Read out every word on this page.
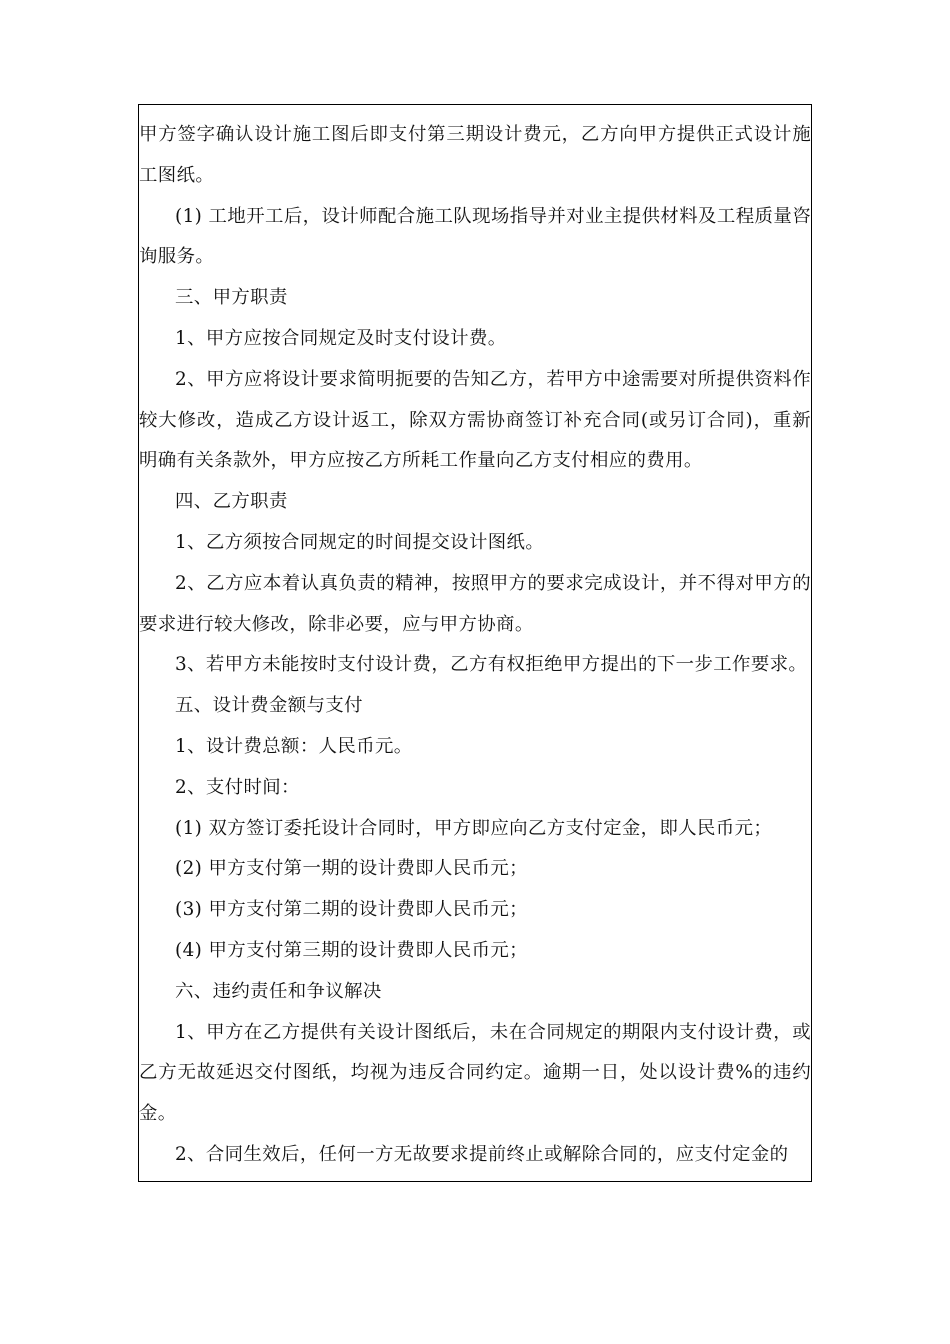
甲方签字确认设计施工图后即支付第三期设计费元，乙方向甲方提供正式设计施工图纸。

(1) 工地开工后，设计师配合施工队现场指导并对业主提供材料及工程质量咨询服务。

三、甲方职责

1、甲方应按合同规定及时支付设计费。

2、甲方应将设计要求简明扼要的告知乙方，若甲方中途需要对所提供资料作较大修改，造成乙方设计返工，除双方需协商签订补充合同(或另订合同)，重新明确有关条款外，甲方应按乙方所耗工作量向乙方支付相应的费用。

四、乙方职责

1、乙方须按合同规定的时间提交设计图纸。

2、乙方应本着认真负责的精神，按照甲方的要求完成设计，并不得对甲方的要求进行较大修改，除非必要，应与甲方协商。

3、若甲方未能按时支付设计费，乙方有权拒绝甲方提出的下一步工作要求。

五、设计费金额与支付

1、设计费总额：人民币元。

2、支付时间：

(1) 双方签订委托设计合同时，甲方即应向乙方支付定金，即人民币元；

(2) 甲方支付第一期的设计费即人民币元；

(3) 甲方支付第二期的设计费即人民币元；

(4) 甲方支付第三期的设计费即人民币元；

六、违约责任和争议解决

1、甲方在乙方提供有关设计图纸后，未在合同规定的期限内支付设计费，或乙方无故延迟交付图纸，均视为违反合同约定。逾期一日，处以设计费%的违约金。

2、合同生效后，任何一方无故要求提前终止或解除合同的，应支付定金的
